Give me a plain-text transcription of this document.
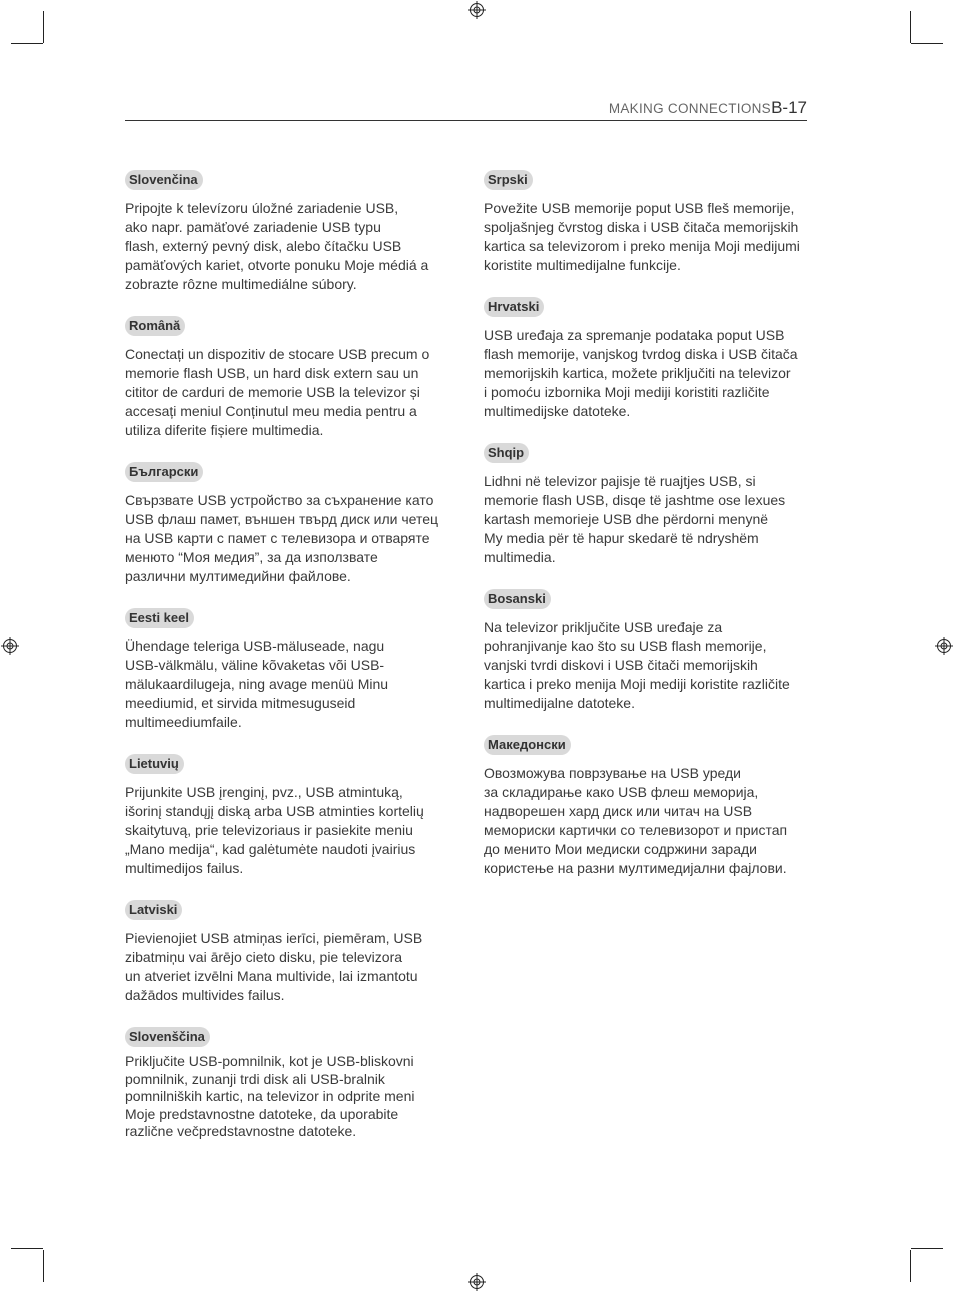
MAKING CONNECTIONS B-17
Slovenčina

Pripojte k televízoru úložné zariadenie USB,
ako napr. pamäťové zariadenie USB typu
flash, externý pevný disk, alebo čítačku USB
pamäťových kariet, otvorte ponuku Moje médiá a
zobrazte rôzne multimediálne súbory.

Română

Conectați un dispozitiv de stocare USB precum o
memorie flash USB, un hard disk extern sau un
cititor de carduri de memorie USB la televizor și
accesați meniul Conținutul meu media pentru a
utiliza diferite fișiere multimedia.

Български

Свързвате USB устройство за съхранение като
USB флаш памет, външен твърд диск или четец
на USB карти с памет с телевизора и отваряте
менюто “Моя медия”, за да използвате
различни мултимедийни файлове.

Eesti keel

Ühendage teleriga USB-mäluseade, nagu
USB-välkmälu, väline kõvaketas või USB-
mälukaardilugeja, ning avage menüü Minu
meediumid, et sirvida mitmesuguseid
multimeediumfaile.

Lietuvių

Prijunkite USB įrenginį, pvz., USB atmintuką,
išorinį standųjį diską arba USB atminties kortelių
skaitytuvą, prie televizoriaus ir pasiekite meniu
„Mano medija“, kad galėtumėte naudoti įvairius
multimedijos failus.

Latviski

Pievienojiet USB atmiņas ierīci, piemēram, USB
zibatmiņu vai ārējo cieto disku, pie televizora
un atveriet izvēlni Mana multivide, lai izmantotu
dažādos multivides failus.

Slovenščina

Priključite USB-pomnilnik, kot je USB-bliskovni
pomnilnik, zunanji trdi disk ali USB-bralnik
pomnilniških kartic, na televizor in odprite meni
Moje predstavnostne datoteke, da uporabite
različne večpredstavnostne datoteke.

Srpski

Povežite USB memorije poput USB fleš memorije,
spoljašnjeg čvrstog diska i USB čitača memorijskih
kartica sa televizorom i preko menija Moji medijumi
koristite multimedijalne funkcije.

Hrvatski

USB uređaja za spremanje podataka poput USB
flash memorije, vanjskog tvrdog diska i USB čitača
memorijskih kartica, možete priključiti na televizor
i pomoću izbornika Moji mediji koristiti različite
multimedijske datoteke.

Shqip

Lidhni në televizor pajisje të ruajtjes USB, si
memorie flash USB, disqe të jashtme ose lexues
kartash memorieje USB dhe përdorni menynë
My media për të hapur skedarë të ndryshëm
multimedia.

Bosanski

Na televizor priključite USB uređaje za
pohranjivanje kao što su USB flash memorije,
vanjski tvrdi diskovi i USB čitači memorijskih
kartica i preko menija Moji mediji koristite različite
multimedijalne datoteke.

Македонски

Овозможува поврзување на USB уреди
за складирање како USB флеш меморија,
надворешен хард диск или читач на USB
мемориски картички со телевизорот и пристап
до менито Мои медиски содржини заради
користење на разни мултимедијални фајлови.
